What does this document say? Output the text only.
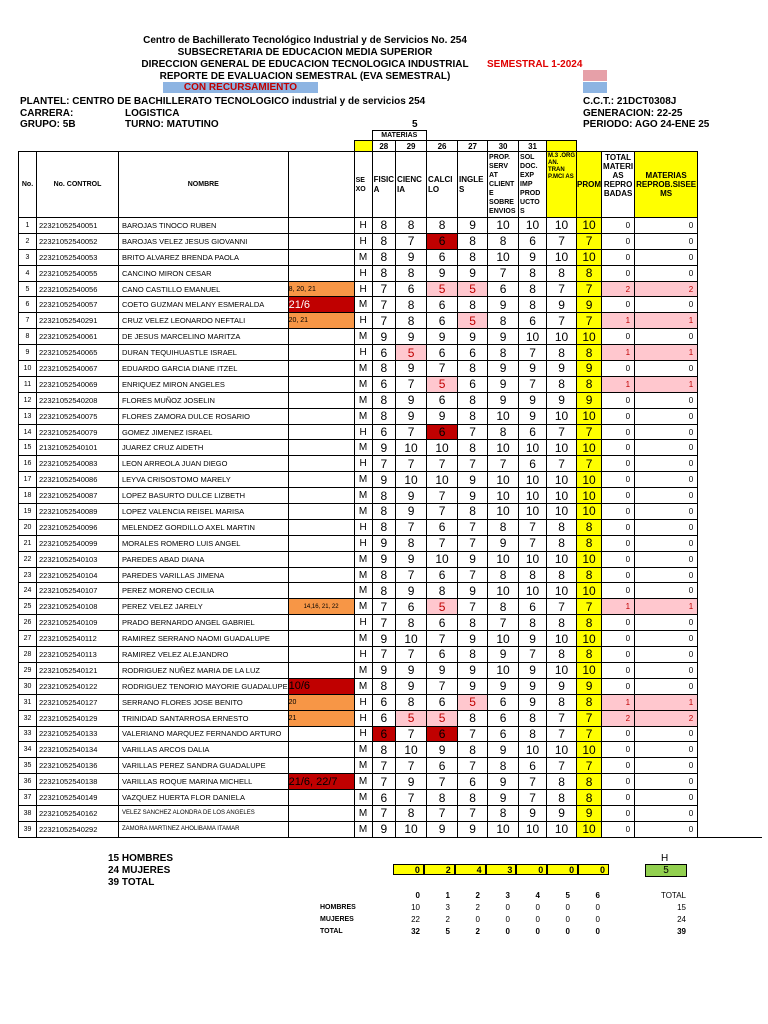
Centro de Bachillerato Tecnológico Industrial y de Servicios No. 254
SUBSECRETARIA DE EDUCACION MEDIA SUPERIOR
DIRECCION GENERAL DE EDUCACION TECNOLOGICA INDUSTRIAL
REPORTE DE EVALUACION SEMESTRAL (EVA SEMESTRAL)
SEMESTRAL 1-2024
CON RECURSAMIENTO
PLANTEL: CENTRO DE BACHILLERATO TECNOLOGICO industrial y de servicios 254	C.C.T.: 21DCT0308J
CARRERA:	LOGISTICA	GENERACION: 22-25
GRUPO: 5B	TURNO: MATUTINO	5	PERIODO: AGO 24-ENE 25
					MATERIAS									
					28	29	26	27	30	31				
No.	No. CONTROL	NOMBRE		SE XO	FISIC A	CIENC IA	CALCI LO	INGLE S	PROP. SERV AT CLIENT E SOBRE ENVIOS	SOL DOC. EXP IMP PROD UCTO S	M.3 .ORG AN. TRAN P.MCI AS	PROM	TOTAL MATERI AS REPRO BADAS	MATERIAS REPROB.SISEE MS
1	22321052540051	BAROJAS TINOCO RUBEN		H	8	8	8	9	10	10	10	10	0	0
2	22321052540052	BAROJAS VELEZ JESUS GIOVANNI		H	8	7	6	8	8	6	7	7	0	0
3	22321052540053	BRITO ALVAREZ BRENDA PAOLA		M	8	9	6	8	10	9	10	10	0	0
4	22321052540055	CANCINO MIRON CESAR		H	8	8	9	9	7	8	8	8	0	0
5	22321052540056	CANO CASTILLO EMANUEL	8, 20, 21	H	7	6	5	5	6	8	7	7	2	2
6	22321052540057	COETO GUZMAN MELANY ESMERALDA	21/6	M	7	8	6	8	9	8	9	9	0	0
7	22321052540291	CRUZ VELEZ LEONARDO NEFTALI	20, 21	H	7	8	6	5	8	6	7	7	1	1
8	22321052540061	DE JESUS MARCELINO MARITZA		M	9	9	9	9	9	10	10	10	0	0
9	22321052540065	DURAN TEQUIHUASTLE ISRAEL		H	6	5	6	6	8	7	8	8	1	1
10	22321052540067	EDUARDO GARCIA DIANE ITZEL		M	8	9	7	8	9	9	9	9	0	0
11	22321052540069	ENRIQUEZ MIRON ANGELES		M	6	7	5	6	9	7	8	8	1	1
12	22321052540208	FLORES MUÑOZ JOSELIN		M	8	9	6	8	9	9	9	9	0	0
13	22321052540075	FLORES ZAMORA DULCE ROSARIO		M	8	9	9	8	10	9	10	10	0	0
14	22321052540079	GOMEZ JIMENEZ ISRAEL		H	6	7	6	7	8	6	7	7	0	0
15	21321052540101	JUAREZ CRUZ AIDETH		M	9	10	10	8	10	10	10	10	0	0
16	22321052540083	LEON ARREOLA JUAN DIEGO		H	7	7	7	7	7	6	7	7	0	0
17	22321052540086	LEYVA CRISOSTOMO MARELY		M	9	10	10	9	10	10	10	10	0	0
18	22321052540087	LOPEZ BASURTO DULCE LIZBETH		M	8	9	7	9	10	10	10	10	0	0
19	22321052540089	LOPEZ VALENCIA REISEL MARISA		M	8	9	7	8	10	10	10	10	0	0
20	22321052540096	MELENDEZ GORDILLO AXEL MARTIN		H	8	7	6	7	8	7	8	8	0	0
21	22321052540099	MORALES ROMERO LUIS ANGEL		H	9	8	7	7	9	7	8	8	0	0
22	22321052540103	PAREDES ABAD DIANA		M	9	9	10	9	10	10	10	10	0	0
23	22321052540104	PAREDES VARILLAS JIMENA		M	8	7	6	7	8	8	8	8	0	0
24	22321052540107	PEREZ MORENO CECILIA		M	8	9	8	9	10	10	10	10	0	0
25	22321052540108	PEREZ VELEZ JARELY	14,16, 21, 22	M	7	6	5	7	8	6	7	7	1	1
26	22321052540109	PRADO BERNARDO ANGEL GABRIEL		H	7	8	6	8	7	8	8	8	0	0
27	22321052540112	RAMIREZ SERRANO NAOMI GUADALUPE		M	9	10	7	9	10	9	10	10	0	0
28	22321052540113	RAMIREZ VELEZ ALEJANDRO		H	7	7	6	8	9	7	8	8	0	0
29	22321052540121	RODRIGUEZ NUÑEZ MARIA DE LA LUZ		M	9	9	9	9	10	9	10	10	0	0
30	22321052540122	RODRIGUEZ TENORIO MAYORIE GUADALUPE	10/6	M	8	9	7	9	9	9	9	9	0	0
31	22321052540127	SERRANO FLORES JOSE BENITO	20	H	6	8	6	5	6	9	8	8	1	1
32	22321052540129	TRINIDAD SANTARROSA ERNESTO	21	H	6	5	5	8	6	8	7	7	2	2
33	22321052540133	VALERIANO MARQUEZ FERNANDO ARTURO		H	6	7	6	7	6	8	7	7	0	0
34	22321052540134	VARILLAS ARCOS DALIA		M	8	10	9	8	9	10	10	10	0	0
35	22321052540136	VARILLAS PEREZ SANDRA GUADALUPE		M	7	7	6	7	8	6	7	7	0	0
36	22321052540138	VARILLAS ROQUE MARINA MICHELL	21/6, 22/7	M	7	9	7	6	9	7	8	8	0	0
37	22321052540149	VAZQUEZ HUERTA FLOR DANIELA		M	6	7	8	8	9	7	8	8	0	0
38	22321052540162	VELEZ SANCHEZ ALONDRA DE LOS ANGELES		M	7	8	7	7	8	9	9	9	0	0
39	22321052540292	ZAMORA MARTINEZ AHOLIBAMA ITAMAR		M	9	10	9	9	10	10	10	10	0	0

15 HOMBRES
24 MUJERES
39 TOTAL
0	2	4	3	0	0	0
H
5
	0	1	2	3	4	5	6	TOTAL
HOMBRES	10	3	2	0	0	0	0	15
MUJERES	22	2	0	0	0	0	0	24
TOTAL	32	5	2	0	0	0	0	39
